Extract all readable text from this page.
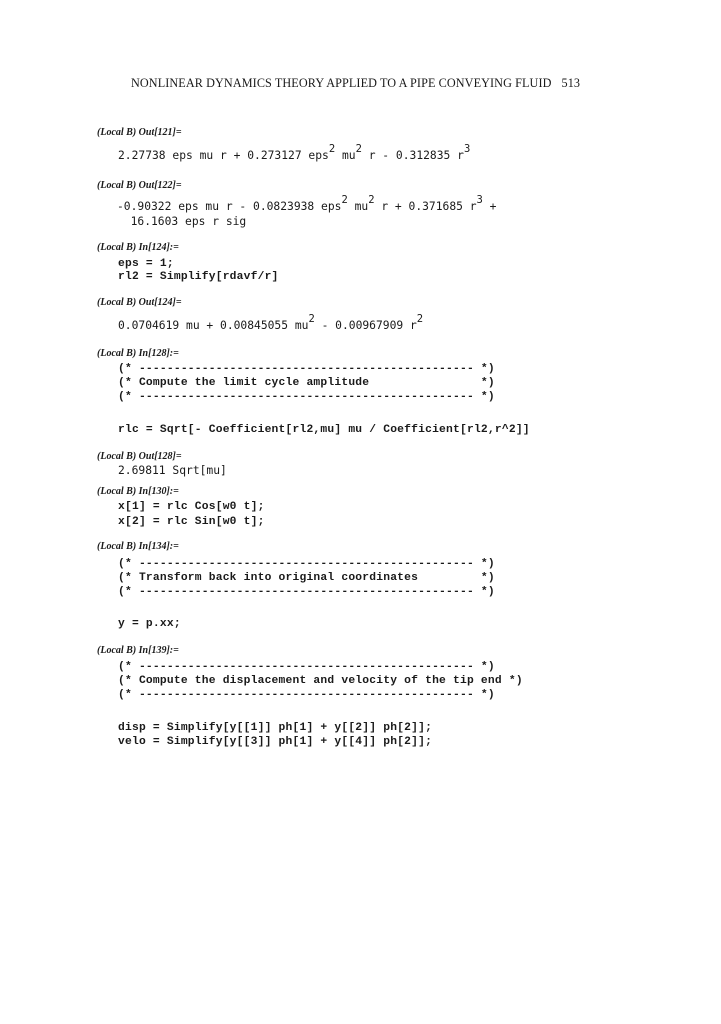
NONLINEAR DYNAMICS THEORY APPLIED TO A PIPE CONVEYING FLUID 513
(Local B) Out[121]=
2.27738 eps mu r + 0.273127 eps$^2$ $mu^2$ r - 0.312835 $r^3$
(Local B) Out[122]=
-0.90322 eps mu r - 0.0823938 eps$^2$ $mu^2$ r + 0.371685 $r^3$ +
16.1603 eps r sig
(Local B) In[124]:=
eps = 1;
rl2 = Simplify[rdavf/r]
(Local B) Out[124]=
0.0704619 mu + 0.00845055 $mu^2 - 0.00967909$ $r^2$
(Local B) In[128]:=
(* ------------------------------------------------ *)
(* Compute the limit cycle amplitude                *)
(* ------------------------------------------------ *)
rlc = Sqrt[- Coefficient[rl2,mu] mu / Coefficient[rl2,r^2]]
(Local B) Out[128]=
2.69811 Sqrt[mu]
(Local B) In[130]:=
x[1] = rlc Cos[w0 t];
x[2] = rlc Sin[w0 t];
(Local B) In[134]:=
(* ------------------------------------------------ *)
(* Transform back into original coordinates         *)
(* ------------------------------------------------ *)
y = p.xx;
(Local B) In[139]:=
(* ------------------------------------------------ *)
(* Compute the displacement and velocity of the tip end *)
(* ------------------------------------------------ *)
disp = Simplify[y[[1]] ph[1] + y[[2]] ph[2]];
velo = Simplify[y[[3]] ph[1] + y[[4]] ph[2]];
